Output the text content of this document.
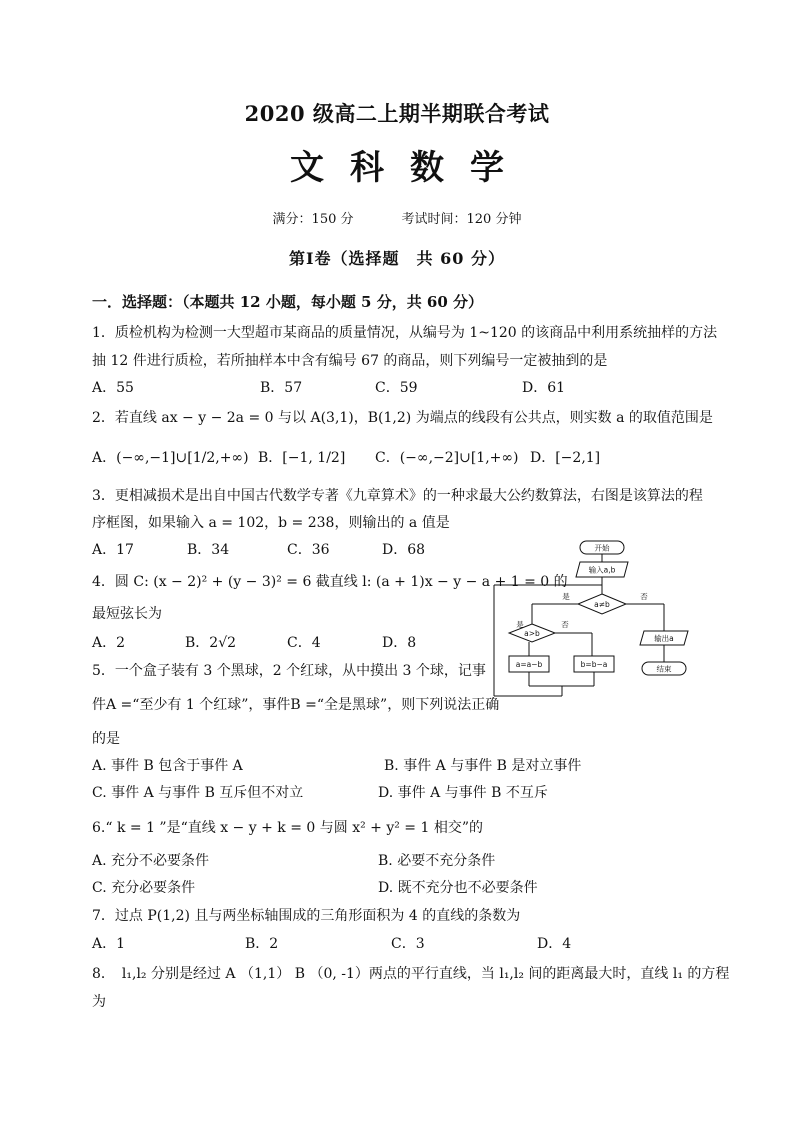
2020 级高二上期半期联合考试
文科数学
满分：150 分	考试时间：120 分钟
第Ⅰ卷（选择题　共 60 分）
一．选择题：（本题共 12 小题，每小题 5 分，共 60 分）
1．质检机构为检测一大型超市某商品的质量情况，从编号为 1~120 的该商品中利用系统抽样的方法
抽 12 件进行质检，若所抽样本中含有编号 67 的商品，则下列编号一定被抽到的是
A．55	B．57	C．59	D．61
2．若直线 ax − y − 2a = 0 与以 A(3,1)，B(1,2) 为端点的线段有公共点，则实数 a 的取值范围是
A．(−∞,−1]∪[1/2,+∞) B．[−1, 1/2] C．(−∞,−2]∪[1,+∞) D．[−2,1]
3．更相减损术是出自中国古代数学专著《九章算术》的一种求最大公约数算法，右图是该算法的程
序框图，如果输入 a = 102，b = 238，则输出的 a 值是
A．17	B．34	C．36	D．68
4．圆 C: (x − 2)² + (y − 3)² = 6 截直线 l: (a + 1)x − y − a + 1 = 0 的
最短弦长为
A．2	B．2√2	C．4	D．8
5．一个盒子装有 3 个黑球，2 个红球，从中摸出 3 个球，记事
件A =“至少有 1 个红球”，事件B =“全是黑球”，则下列说法正确
的是
A. 事件 B 包含于事件 A	B. 事件 A 与事件 B 是对立事件
C. 事件 A 与事件 B 互斥但不对立	D. 事件 A 与事件 B 不互斥
6.“ k = 1 ”是“直线 x − y + k = 0 与圆 x² + y² = 1 相交”的
A. 充分不必要条件	B. 必要不充分条件
C. 充分必要条件	D. 既不充分也不必要条件
7．过点 P(1,2) 且与两坐标轴围成的三角形面积为 4 的直线的条数为
A．1	B．2	C．3	D．4
8．　l₁,l₂ 分别是经过 A （1,1） B （0, -1）两点的平行直线，当 l₁,l₂ 间的距离最大时，直线 l₁ 的方程
为
开始
输入a,b
a≠b
是	否
a>b
是	否
a=a−b	b=b−a
输出a
结束
